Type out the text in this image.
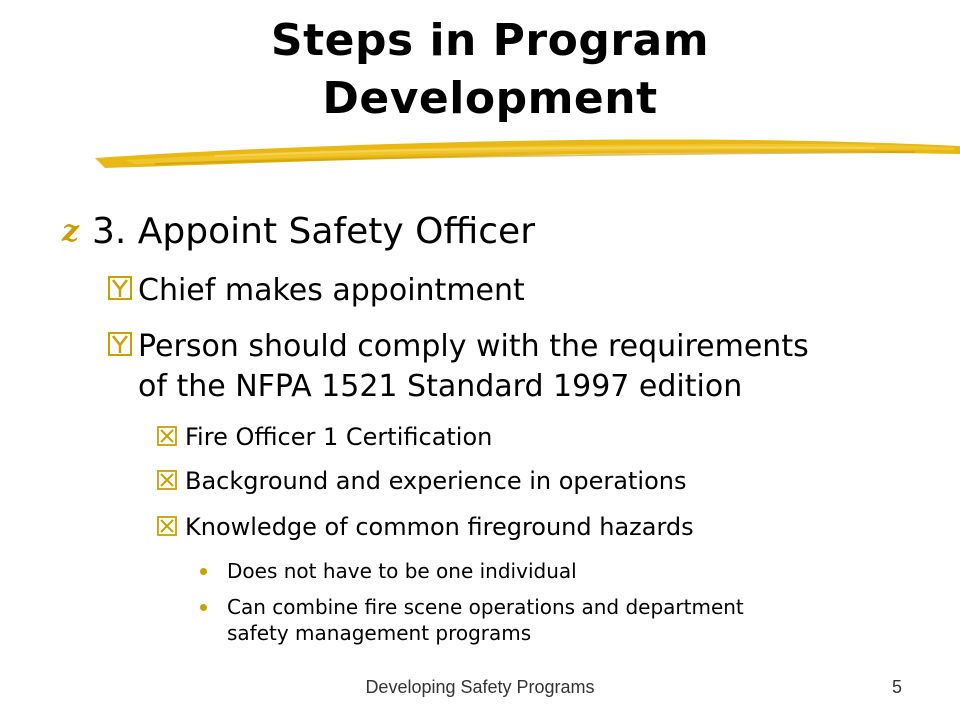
Steps in Program
Development
z 3. Appoint Safety Officer
Chief makes appointment
Person should comply with the requirements
of the NFPA 1521 Standard 1997 edition
Fire Officer 1 Certification
Background and experience in operations
Knowledge of common fireground hazards
Does not have to be one individual
Can combine fire scene operations and department
safety management programs
Developing Safety Programs	5
